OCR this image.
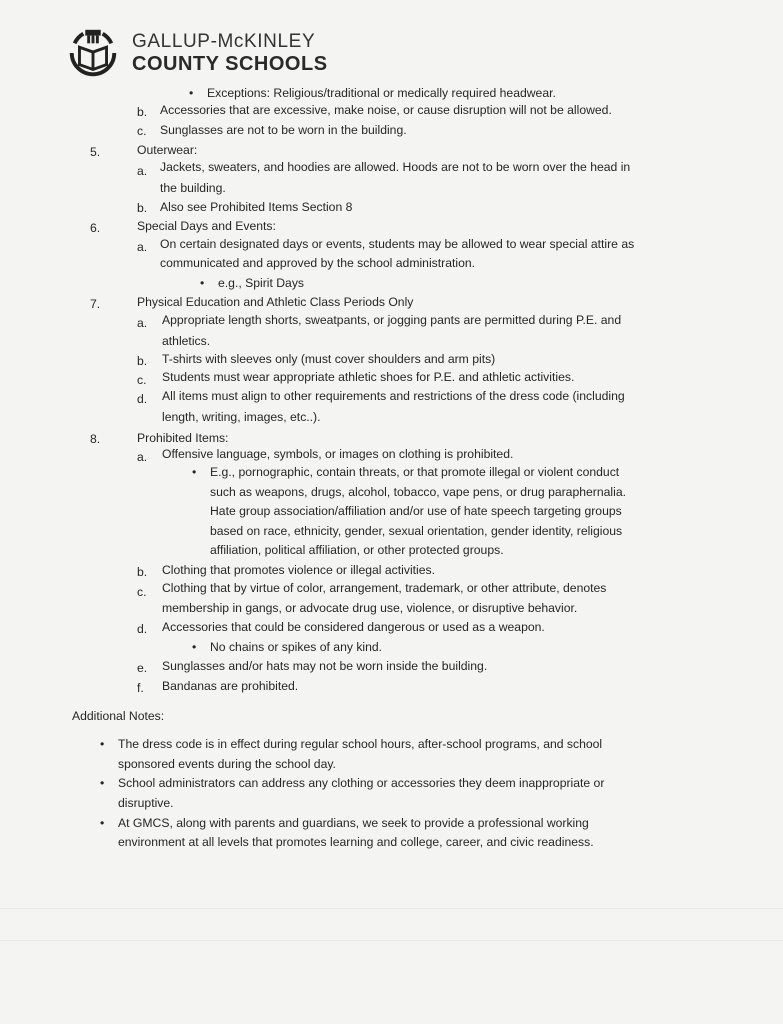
GALLUP-McKINLEY
COUNTY SCHOOLS
• Exceptions: Religious/traditional or medically required headwear.
b. Accessories that are excessive, make noise, or cause disruption will not be allowed.
c. Sunglasses are not to be worn in the building.
5.	Outerwear:
a. Jackets, sweaters, and hoodies are allowed. Hoods are not to be worn over the head in
the building.
b. Also see Prohibited Items Section 8
6.	Special Days and Events:
a. On certain designated days or events, students may be allowed to wear special attire as
communicated and approved by the school administration.
• e.g., Spirit Days
7.	Physical Education and Athletic Class Periods Only
a. Appropriate length shorts, sweatpants, or jogging pants are permitted during P.E. and
athletics.
b. T-shirts with sleeves only (must cover shoulders and arm pits)
c. Students must wear appropriate athletic shoes for P.E. and athletic activities.
d. All items must align to other requirements and restrictions of the dress code (including
length, writing, images, etc..).
8.	Prohibited Items:
a. Offensive language, symbols, or images on clothing is prohibited.
• E.g., pornographic, contain threats, or that promote illegal or violent conduct
such as weapons, drugs, alcohol, tobacco, vape pens, or drug paraphernalia.
Hate group association/affiliation and/or use of hate speech targeting groups
based on race, ethnicity, gender, sexual orientation, gender identity, religious
affiliation, political affiliation, or other protected groups.
b. Clothing that promotes violence or illegal activities.
c. Clothing that by virtue of color, arrangement, trademark, or other attribute, denotes
membership in gangs, or advocate drug use, violence, or disruptive behavior.
d. Accessories that could be considered dangerous or used as a weapon.
• No chains or spikes of any kind.
e. Sunglasses and/or hats may not be worn inside the building.
f. Bandanas are prohibited.
Additional Notes:
• The dress code is in effect during regular school hours, after-school programs, and school
sponsored events during the school day.
• School administrators can address any clothing or accessories they deem inappropriate or
disruptive.
• At GMCS, along with parents and guardians, we seek to provide a professional working
environment at all levels that promotes learning and college, career, and civic readiness.
